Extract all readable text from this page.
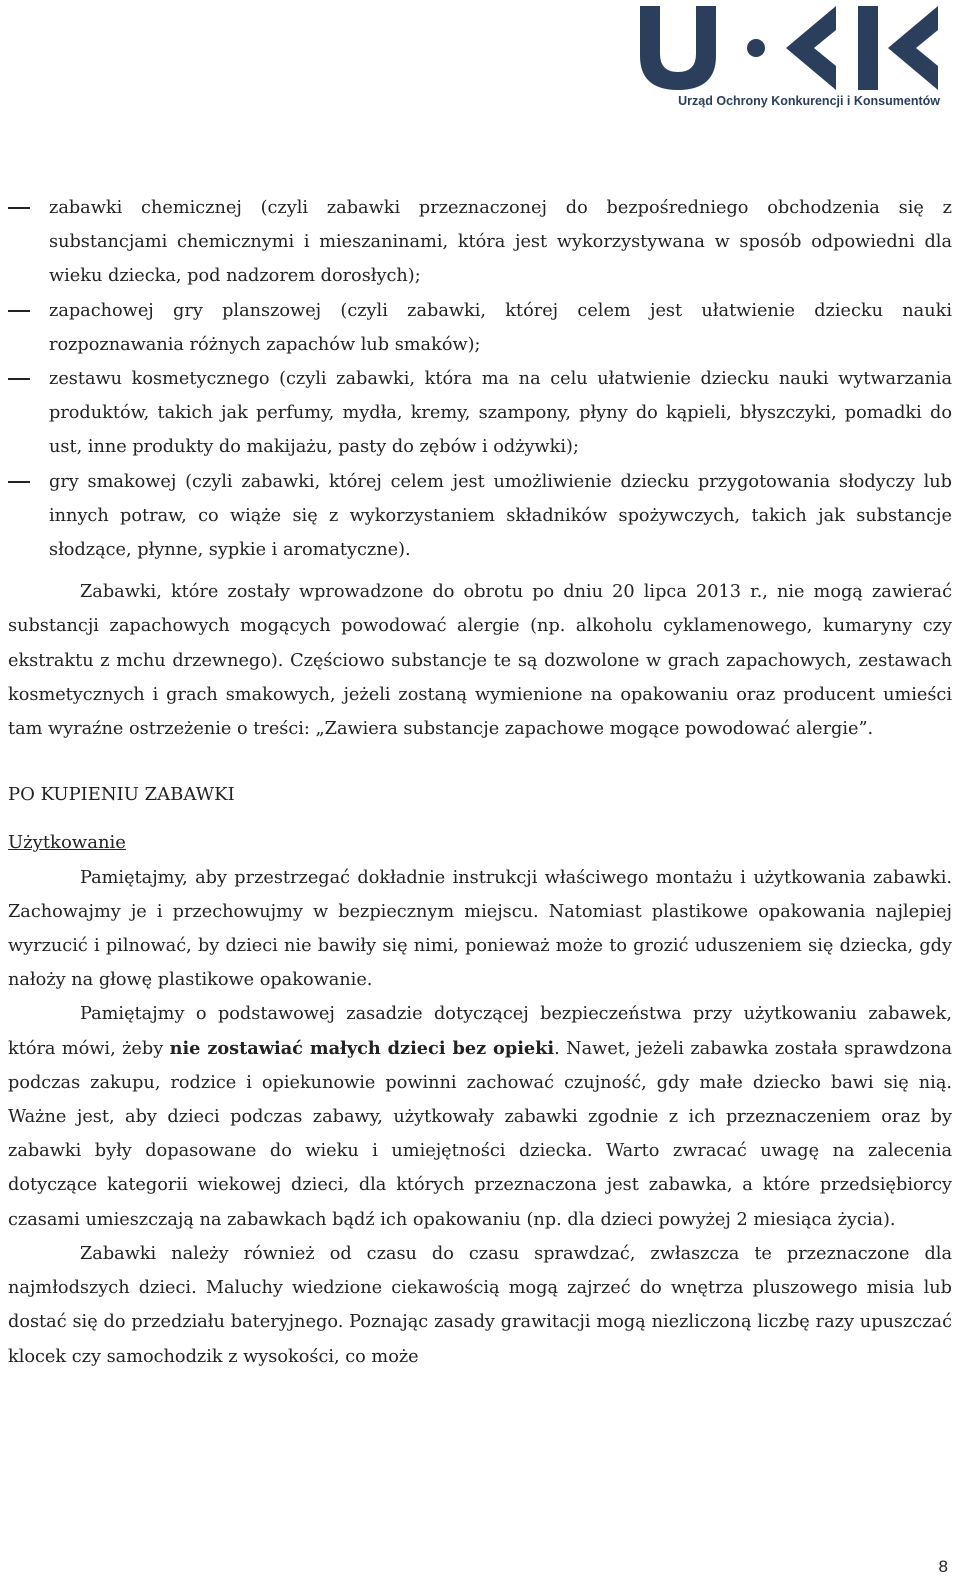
Urząd Ochrony Konkurencji i Konsumentów
zabawki chemicznej (czyli zabawki przeznaczonej do bezpośredniego obchodzenia się z substancjami chemicznymi i mieszaninami, która jest wykorzystywana w sposób odpowiedni dla wieku dziecka, pod nadzorem dorosłych);
zapachowej gry planszowej (czyli zabawki, której celem jest ułatwienie dziecku nauki rozpoznawania różnych zapachów lub smaków);
zestawu kosmetycznego (czyli zabawki, która ma na celu ułatwienie dziecku nauki wytwarzania produktów, takich jak perfumy, mydła, kremy, szampony, płyny do kąpieli, błyszczyki, pomadki do ust, inne produkty do makijażu, pasty do zębów i odżywki);
gry smakowej (czyli zabawki, której celem jest umożliwienie dziecku przygotowania słodyczy lub innych potraw, co wiąże się z wykorzystaniem składników spożywczych, takich jak substancje słodzące, płynne, sypkie i aromatyczne).

Zabawki, które zostały wprowadzone do obrotu po dniu 20 lipca 2013 r., nie mogą zawierać substancji zapachowych mogących powodować alergie (np. alkoholu cyklamenowego, kumaryny czy ekstraktu z mchu drzewnego). Częściowo substancje te są dozwolone w grach zapachowych, zestawach kosmetycznych i grach smakowych, jeżeli zostaną wymienione na opakowaniu oraz producent umieści tam wyraźne ostrzeżenie o treści: „Zawiera substancje zapachowe mogące powodować alergie”.

PO KUPIENIU ZABAWKI
Użytkowanie

Pamiętajmy, aby przestrzegać dokładnie instrukcji właściwego montażu i użytkowania zabawki. Zachowajmy je i przechowujmy w bezpiecznym miejscu. Natomiast plastikowe opakowania najlepiej wyrzucić i pilnować, by dzieci nie bawiły się nimi, ponieważ może to grozić uduszeniem się dziecka, gdy nałoży na głowę plastikowe opakowanie.

Pamiętajmy o podstawowej zasadzie dotyczącej bezpieczeństwa przy użytkowaniu zabawek, która mówi, żeby nie zostawiać małych dzieci bez opieki. Nawet, jeżeli zabawka została sprawdzona podczas zakupu, rodzice i opiekunowie powinni zachować czujność, gdy małe dziecko bawi się nią. Ważne jest, aby dzieci podczas zabawy, użytkowały zabawki zgodnie z ich przeznaczeniem oraz by zabawki były dopasowane do wieku i umiejętności dziecka. Warto zwracać uwagę na zalecenia dotyczące kategorii wiekowej dzieci, dla których przeznaczona jest zabawka, a które przedsiębiorcy czasami umieszczają na zabawkach bądź ich opakowaniu (np. dla dzieci powyżej 2 miesiąca życia).

Zabawki należy również od czasu do czasu sprawdzać, zwłaszcza te przeznaczone dla najmłodszych dzieci. Maluchy wiedzione ciekawością mogą zajrzeć do wnętrza pluszowego misia lub dostać się do przedziału bateryjnego. Poznając zasady grawitacji mogą niezliczoną liczbę razy upuszczać klocek czy samochodzik z wysokości, co może

8
